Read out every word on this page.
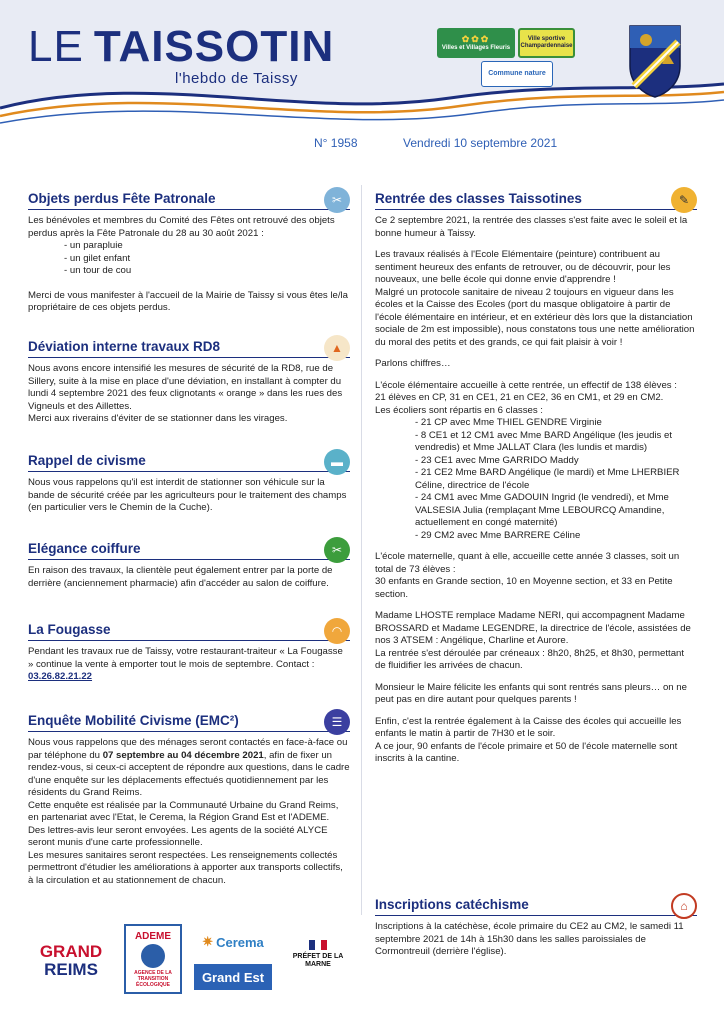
LE TAISSOTIN
l'hebdo de Taissy
✿✿✿
Villes et Villages Fleuris
Ville sportive Champardennaise
Commune nature
N° 1958	Vendredi 10 septembre 2021
Objets perdus Fête Patronale	✂

Les bénévoles et membres du Comité des Fêtes ont retrouvé des objets perdus après la Fête Patronale du 28 au 30 août 2021 :

- un parapluie

- un gilet enfant

- un tour de cou

Merci de vous manifester à l'accueil de la Mairie de Taissy si vous êtes le/la propriétaire de ces objets perdus.

Déviation interne travaux RD8	▲

Nous avons encore intensifié les mesures de sécurité de la RD8, rue de Sillery, suite à la mise en place d'une déviation, en installant à compter du lundi 4 septembre 2021 des feux clignotants « orange » dans les rues des Vigneuls et des Aillettes.

Merci aux riverains d'éviter de se stationner dans les virages.

Rappel de civisme	▬

Nous vous rappelons qu'il est interdit de stationner son véhicule sur la bande de sécurité créée par les agriculteurs pour le traitement des champs (en particulier vers le Chemin de la Cuche).

Elégance coiffure	✂

En raison des travaux, la clientèle peut également entrer par la porte de derrière (anciennement pharmacie) afin d'accéder au salon de coiffure.

La Fougasse	◠

Pendant les travaux rue de Taissy, votre restaurant-traiteur « La Fougasse » continue la vente à emporter tout le mois de septembre. Contact : 03.26.82.21.22

Enquête Mobilité Civisme (EMC²)	☰

Nous vous rappelons que des ménages seront contactés en face-à-face ou par téléphone du 07 septembre au 04 décembre 2021, afin de fixer un rendez-vous, si ceux-ci acceptent de répondre aux questions, dans le cadre d'une enquête sur les déplacements effectués quotidiennement par les résidents du Grand Reims.

Cette enquête est réalisée par la Communauté Urbaine du Grand Reims, en partenariat avec l'Etat, le Cerema, la Région Grand Est et l'ADEME.

Des lettres-avis leur seront envoyées. Les agents de la société ALYCE seront munis d'une carte professionnelle.

Les mesures sanitaires seront respectées. Les renseignements collectés permettront d'étudier les améliorations à apporter aux transports collectifs, à la circulation et au stationnement de chacun.

GRAND
REIMS
ADEME
AGENCE DE LA TRANSITION ÉCOLOGIQUE
✷ Cerema
Grand Est
PRÉFET DE LA MARNE
Rentrée des classes Taissotines	✎

Ce 2 septembre 2021, la rentrée des classes s'est faite avec le soleil et la bonne humeur à Taissy.

Les travaux réalisés à l'Ecole Elémentaire (peinture) contribuent au sentiment heureux des enfants de retrouver, ou de découvrir, pour les nouveaux, une belle école qui donne envie d'apprendre !

Malgré un protocole sanitaire de niveau 2 toujours en vigueur dans les écoles et la Caisse des Ecoles (port du masque obligatoire à partir de l'école élémentaire en intérieur, et en extérieur dès lors que la distanciation sociale de 2m est impossible), nous constatons tous une nette amélioration du moral des petits et des grands, ce qui fait plaisir à voir !

Parlons chiffres…

L'école élémentaire accueille à cette rentrée, un effectif de 138 élèves :

21 élèves en CP, 31 en CE1, 21 en CE2, 36 en CM1, et 29 en CM2.

Les écoliers sont répartis en 6 classes :

- 21 CP avec Mme THIEL GENDRE Virginie

- 8 CE1 et 12 CM1 avec Mme BARD Angélique (les jeudis et vendredis) et Mme JALLAT Clara (les lundis et mardis)

- 23 CE1 avec Mme GARRIDO Maddy

- 21 CE2 Mme BARD Angélique (le mardi) et Mme LHERBIER Céline, directrice de l'école

- 24 CM1 avec Mme GADOUIN Ingrid (le vendredi), et Mme VALSESIA Julia (remplaçant Mme LEBOURCQ Amandine, actuellement en congé maternité)

- 29 CM2 avec Mme BARRERE Céline

L'école maternelle, quant à elle, accueille cette année 3 classes, soit un total de 73 élèves :

30 enfants en Grande section, 10 en Moyenne section, et 33 en Petite section.

Madame LHOSTE remplace Madame NERI, qui accompagnent Madame BROSSARD et Madame LEGENDRE, la directrice de l'école, assistées de nos 3 ATSEM : Angélique, Charline et Aurore.

La rentrée s'est déroulée par créneaux : 8h20, 8h25, et 8h30, permettant de fluidifier les arrivées de chacun.

Monsieur le Maire félicite les enfants qui sont rentrés sans pleurs… on ne peut pas en dire autant pour quelques parents !

Enfin, c'est la rentrée également à la Caisse des écoles qui accueille les enfants le matin à partir de 7H30 et le soir.

A ce jour, 90 enfants de l'école primaire et 50 de l'école maternelle sont inscrits à la cantine.

Inscriptions catéchisme	⌂

Inscriptions à la catéchèse, école primaire du CE2 au CM2, le samedi 11 septembre 2021 de 14h à 15h30 dans les salles paroissiales de Cormontreuil (derrière l'église).
